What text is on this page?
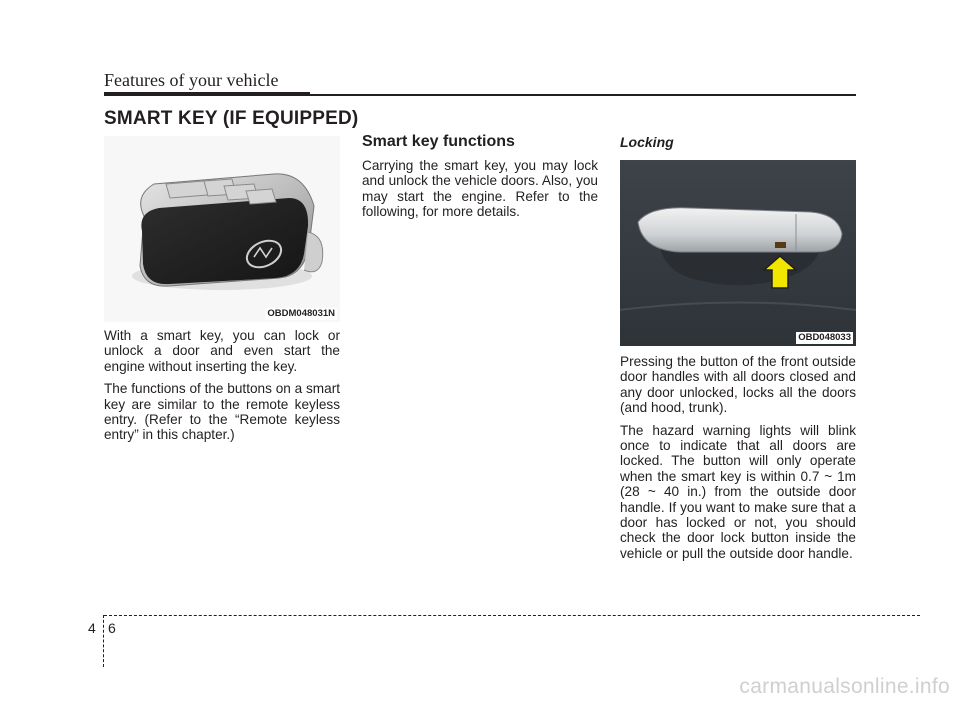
Features of your vehicle
SMART KEY (IF EQUIPPED)
OBDM048031N

With a smart key, you can lock or unlock a door and even start the engine without inserting the key.

The functions of the buttons on a smart key are similar to the remote keyless entry. (Refer to the “Remote keyless entry” in this chapter.)

Smart key functions

Carrying the smart key, you may lock and unlock the vehicle doors. Also, you may start the engine. Refer to the following, for more details.

Locking
OBD048033

Pressing the button of the front outside door handles with all doors closed and any door unlocked, locks all the doors (and hood, trunk).

The hazard warning lights will blink once to indicate that all doors are locked. The button will only operate when the smart key is within 0.7 ~ 1m (28 ~ 40 in.) from the outside door handle. If you want to make sure that a door has locked or not, you should check the door lock button inside the vehicle or pull the outside door handle.

4 6
carmanualsonline.info
